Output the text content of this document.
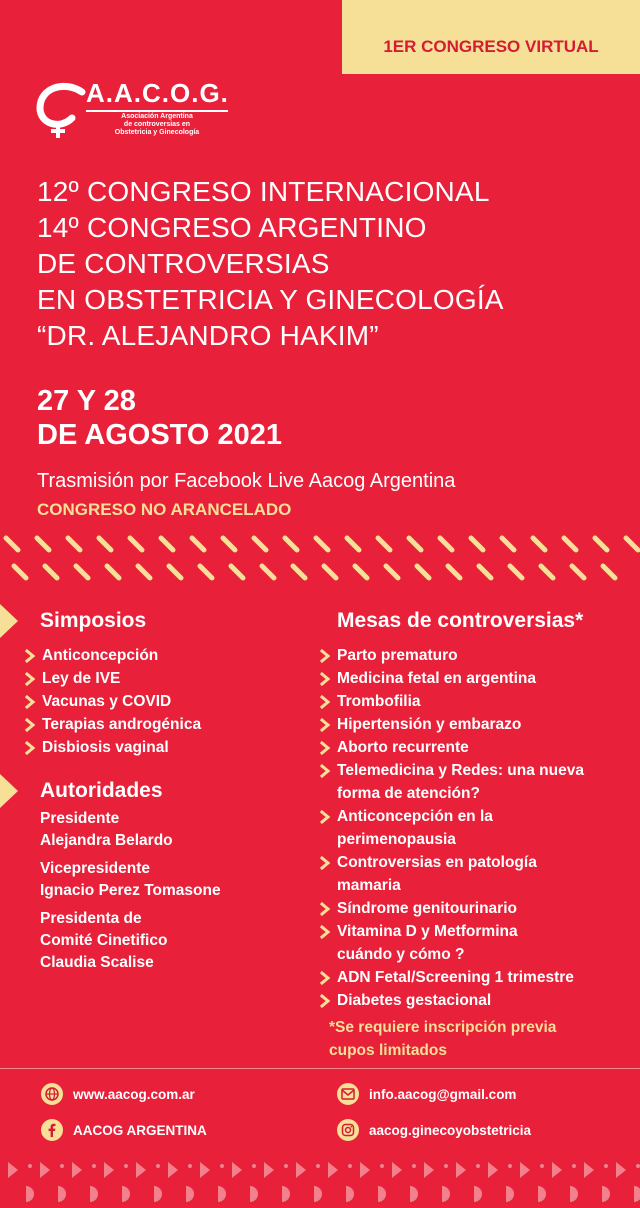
1ER CONGRESO VIRTUAL
A.A.C.O.G.
Asociación Argentina
de controversias en
Obstetricia y Ginecología
12º CONGRESO INTERNACIONAL
14º CONGRESO ARGENTINO
DE CONTROVERSIAS
EN OBSTETRICIA Y GINECOLOGÍA
“DR. ALEJANDRO HAKIM”
27 Y 28
DE AGOSTO 2021
Trasmisión por Facebook Live Aacog Argentina
CONGRESO NO ARANCELADO
Simposios
Anticoncepción
Ley de IVE
Vacunas y COVID
Terapias androgénica
Disbiosis vaginal
Autoridades
Presidente
Alejandra Belardo
Vicepresidente
Ignacio Perez Tomasone
Presidenta de
Comité Cinetifico
Claudia Scalise
Mesas de controversias*
Parto prematuro
Medicina fetal en argentina
Trombofilia
Hipertensión y embarazo
Aborto recurrente
Telemedicina y Redes: una nueva
forma de atención?
Anticoncepción en la
perimenopausia
Controversias en patología
mamaria
Síndrome genitourinario
Vitamina D y Metformina
cuándo y cómo ?
ADN Fetal/Screening 1 trimestre
Diabetes gestacional
*Se requiere inscripción previa
cupos limitados
www.aacog.com.ar	info.aacog@gmail.com
AACOG ARGENTINA	aacog.ginecoyobstetricia
